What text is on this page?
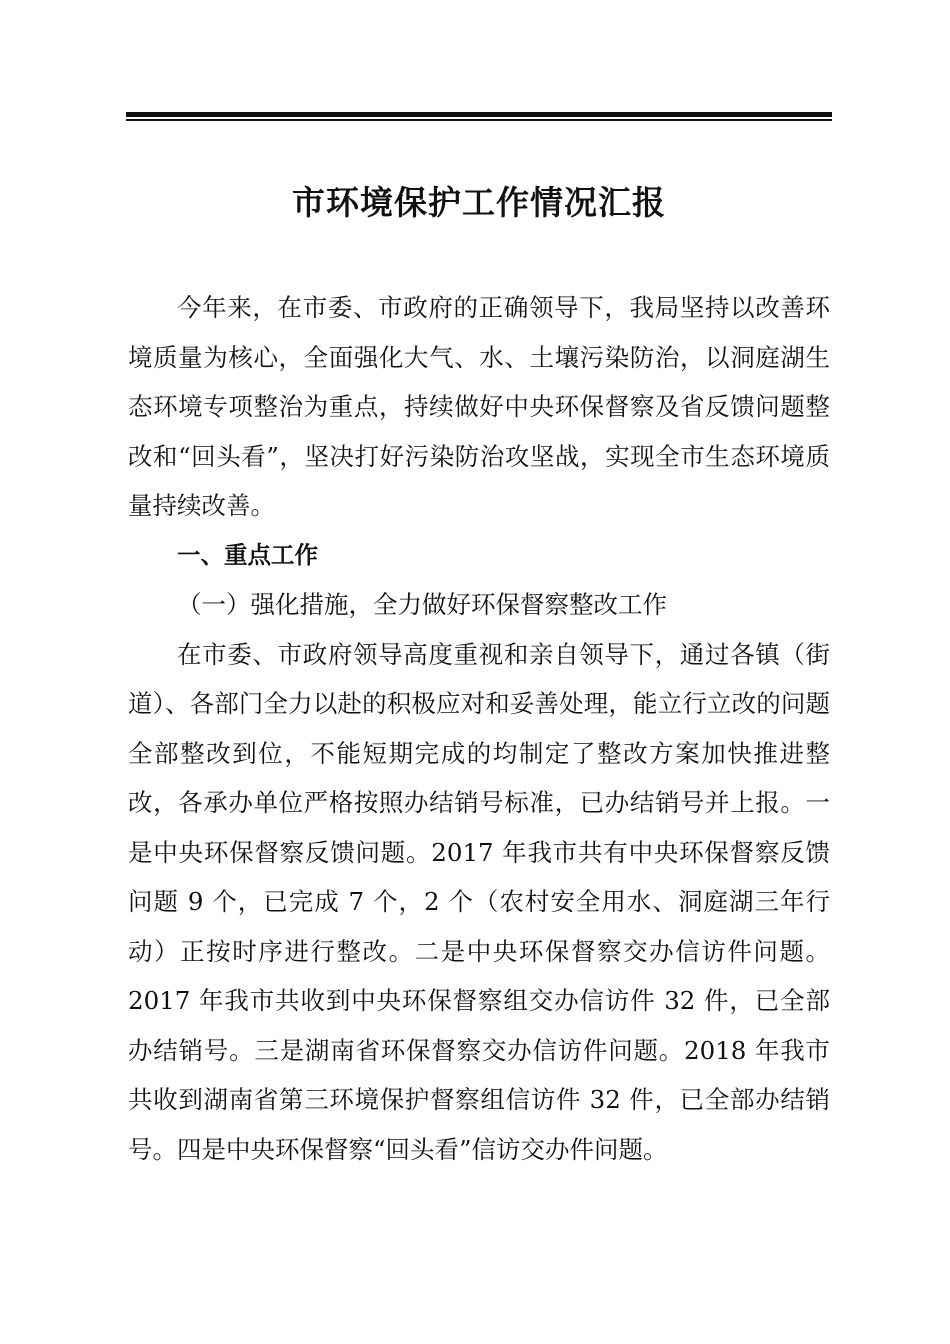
市环境保护工作情况汇报

今年来，在市委、市政府的正确领导下，我局坚持以改善环境质量为核心，全面强化大气、水、土壤污染防治，以洞庭湖生态环境专项整治为重点，持续做好中央环保督察及省反馈问题整改和“回头看”，坚决打好污染防治攻坚战，实现全市生态环境质量持续改善。

一、重点工作

（一）强化措施，全力做好环保督察整改工作

在市委、市政府领导高度重视和亲自领导下，通过各镇（街道）、各部门全力以赴的积极应对和妥善处理，能立行立改的问题全部整改到位，不能短期完成的均制定了整改方案加快推进整改，各承办单位严格按照办结销号标准，已办结销号并上报。一是中央环保督察反馈问题。2017 年我市共有中央环保督察反馈问题 9 个，已完成 7 个，2 个（农村安全用水、洞庭湖三年行动）正按时序进行整改。二是中央环保督察交办信访件问题。2017 年我市共收到中央环保督察组交办信访件 32 件，已全部办结销号。三是湖南省环保督察交办信访件问题。2018 年我市共收到湖南省第三环境保护督察组信访件 32 件，已全部办结销号。四是中央环保督察“回头看”信访交办件问题。
